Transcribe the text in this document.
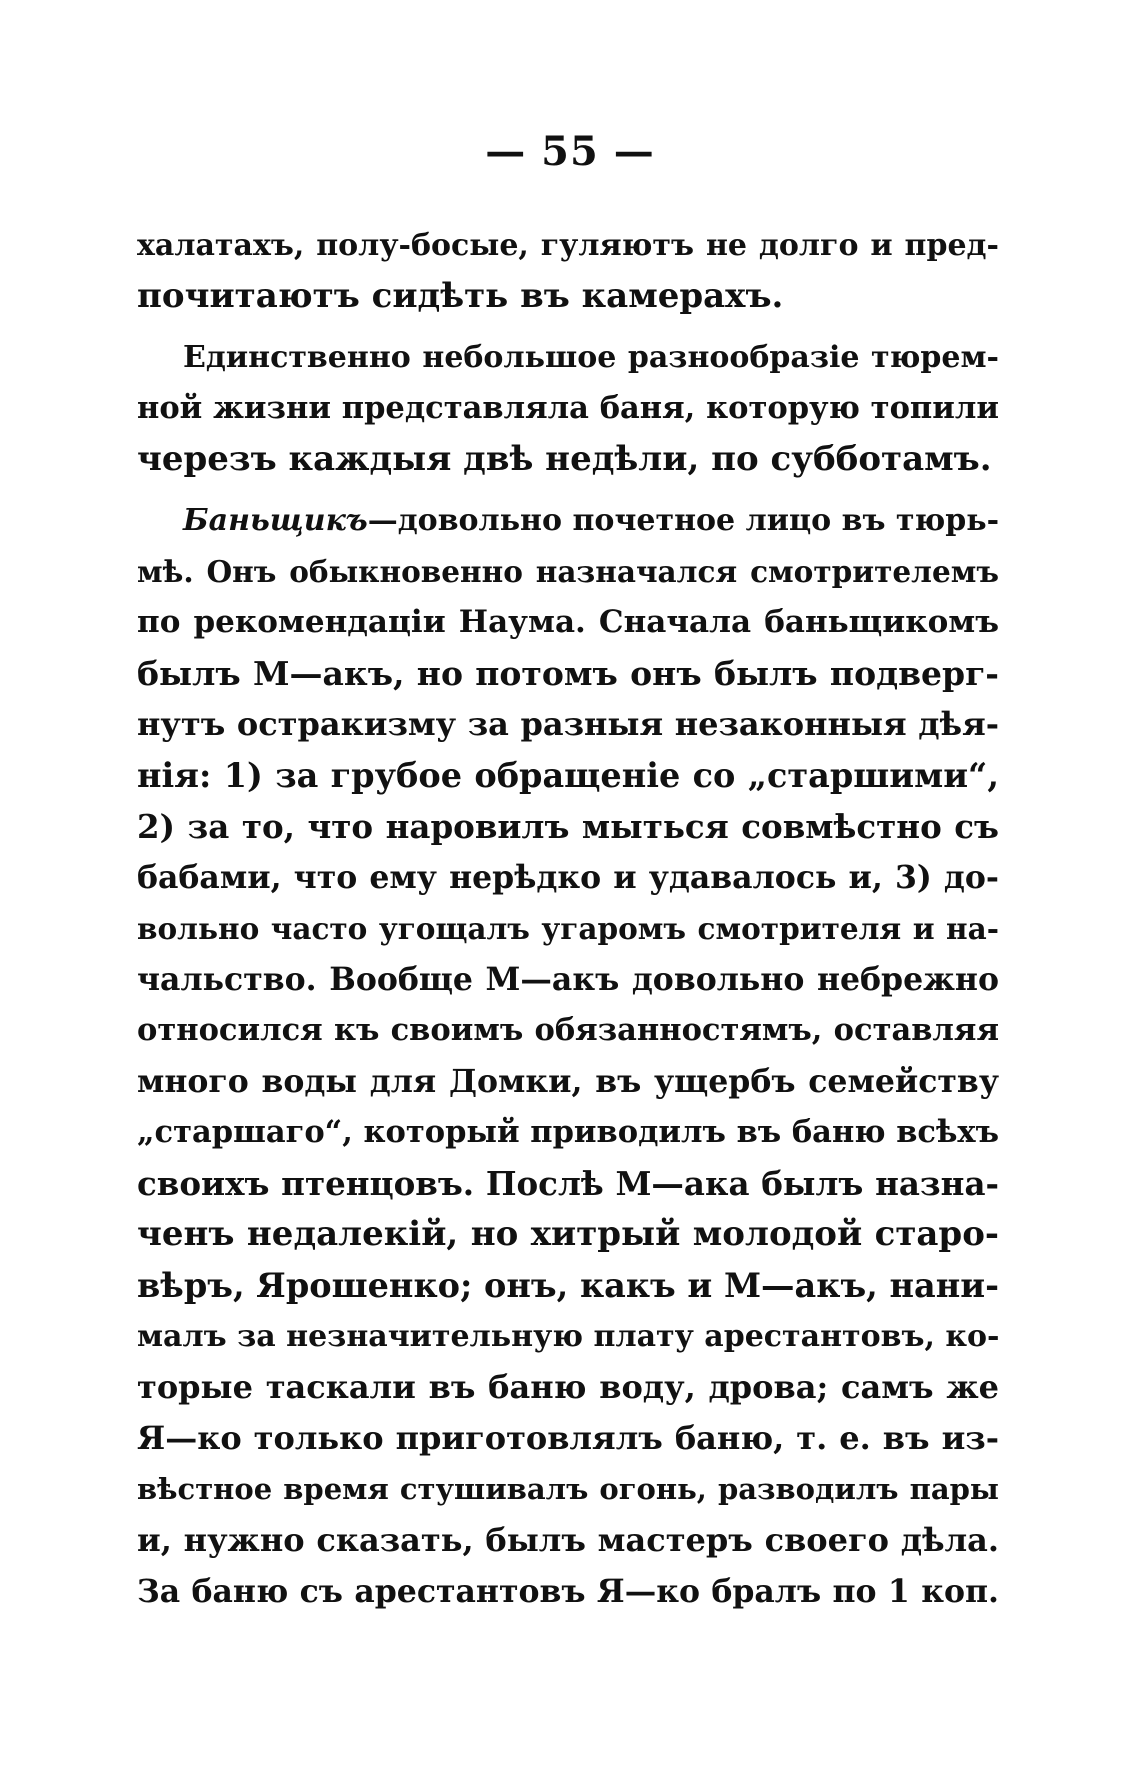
— 55 —
халатахъ, полу-босые, гуляютъ не долго и пред-
почитаютъ сидѣть въ камерахъ.
Единственно небольшое разнообразіе тюрем-
ной жизни представляла баня, которую топили
черезъ каждыя двѣ недѣли, по субботамъ.
Баньщикъ—довольно почетное лицо въ тюрь-
мѣ. Онъ обыкновенно назначался смотрителемъ
по рекомендаціи Наума. Сначала баньщикомъ
былъ М—акъ, но потомъ онъ былъ подверг-
нутъ остракизму за разныя незаконныя дѣя-
нія: 1) за грубое обращеніе со „старшими“,
2) за то, что наровилъ мыться совмѣстно съ
бабами, что ему нерѣдко и удавалось и, 3) до-
вольно часто угощалъ угаромъ смотрителя и на-
чальство. Вообще М—акъ довольно небрежно
относился къ своимъ обязанностямъ, оставляя
много воды для Домки, въ ущербъ семейству
„старшаго“, который приводилъ въ баню всѣхъ
своихъ птенцовъ. Послѣ М—ака былъ назна-
ченъ недалекій, но хитрый молодой старо-
вѣръ, Ярошенко; онъ, какъ и М—акъ, нани-
малъ за незначительную плату арестантовъ, ко-
торые таскали въ баню воду, дрова; самъ же
Я—ко только приготовлялъ баню, т. е. въ из-
вѣстное время стушивалъ огонь, разводилъ пары
и, нужно сказать, былъ мастеръ своего дѣла.
За баню съ арестантовъ Я—ко бралъ по 1 коп.
